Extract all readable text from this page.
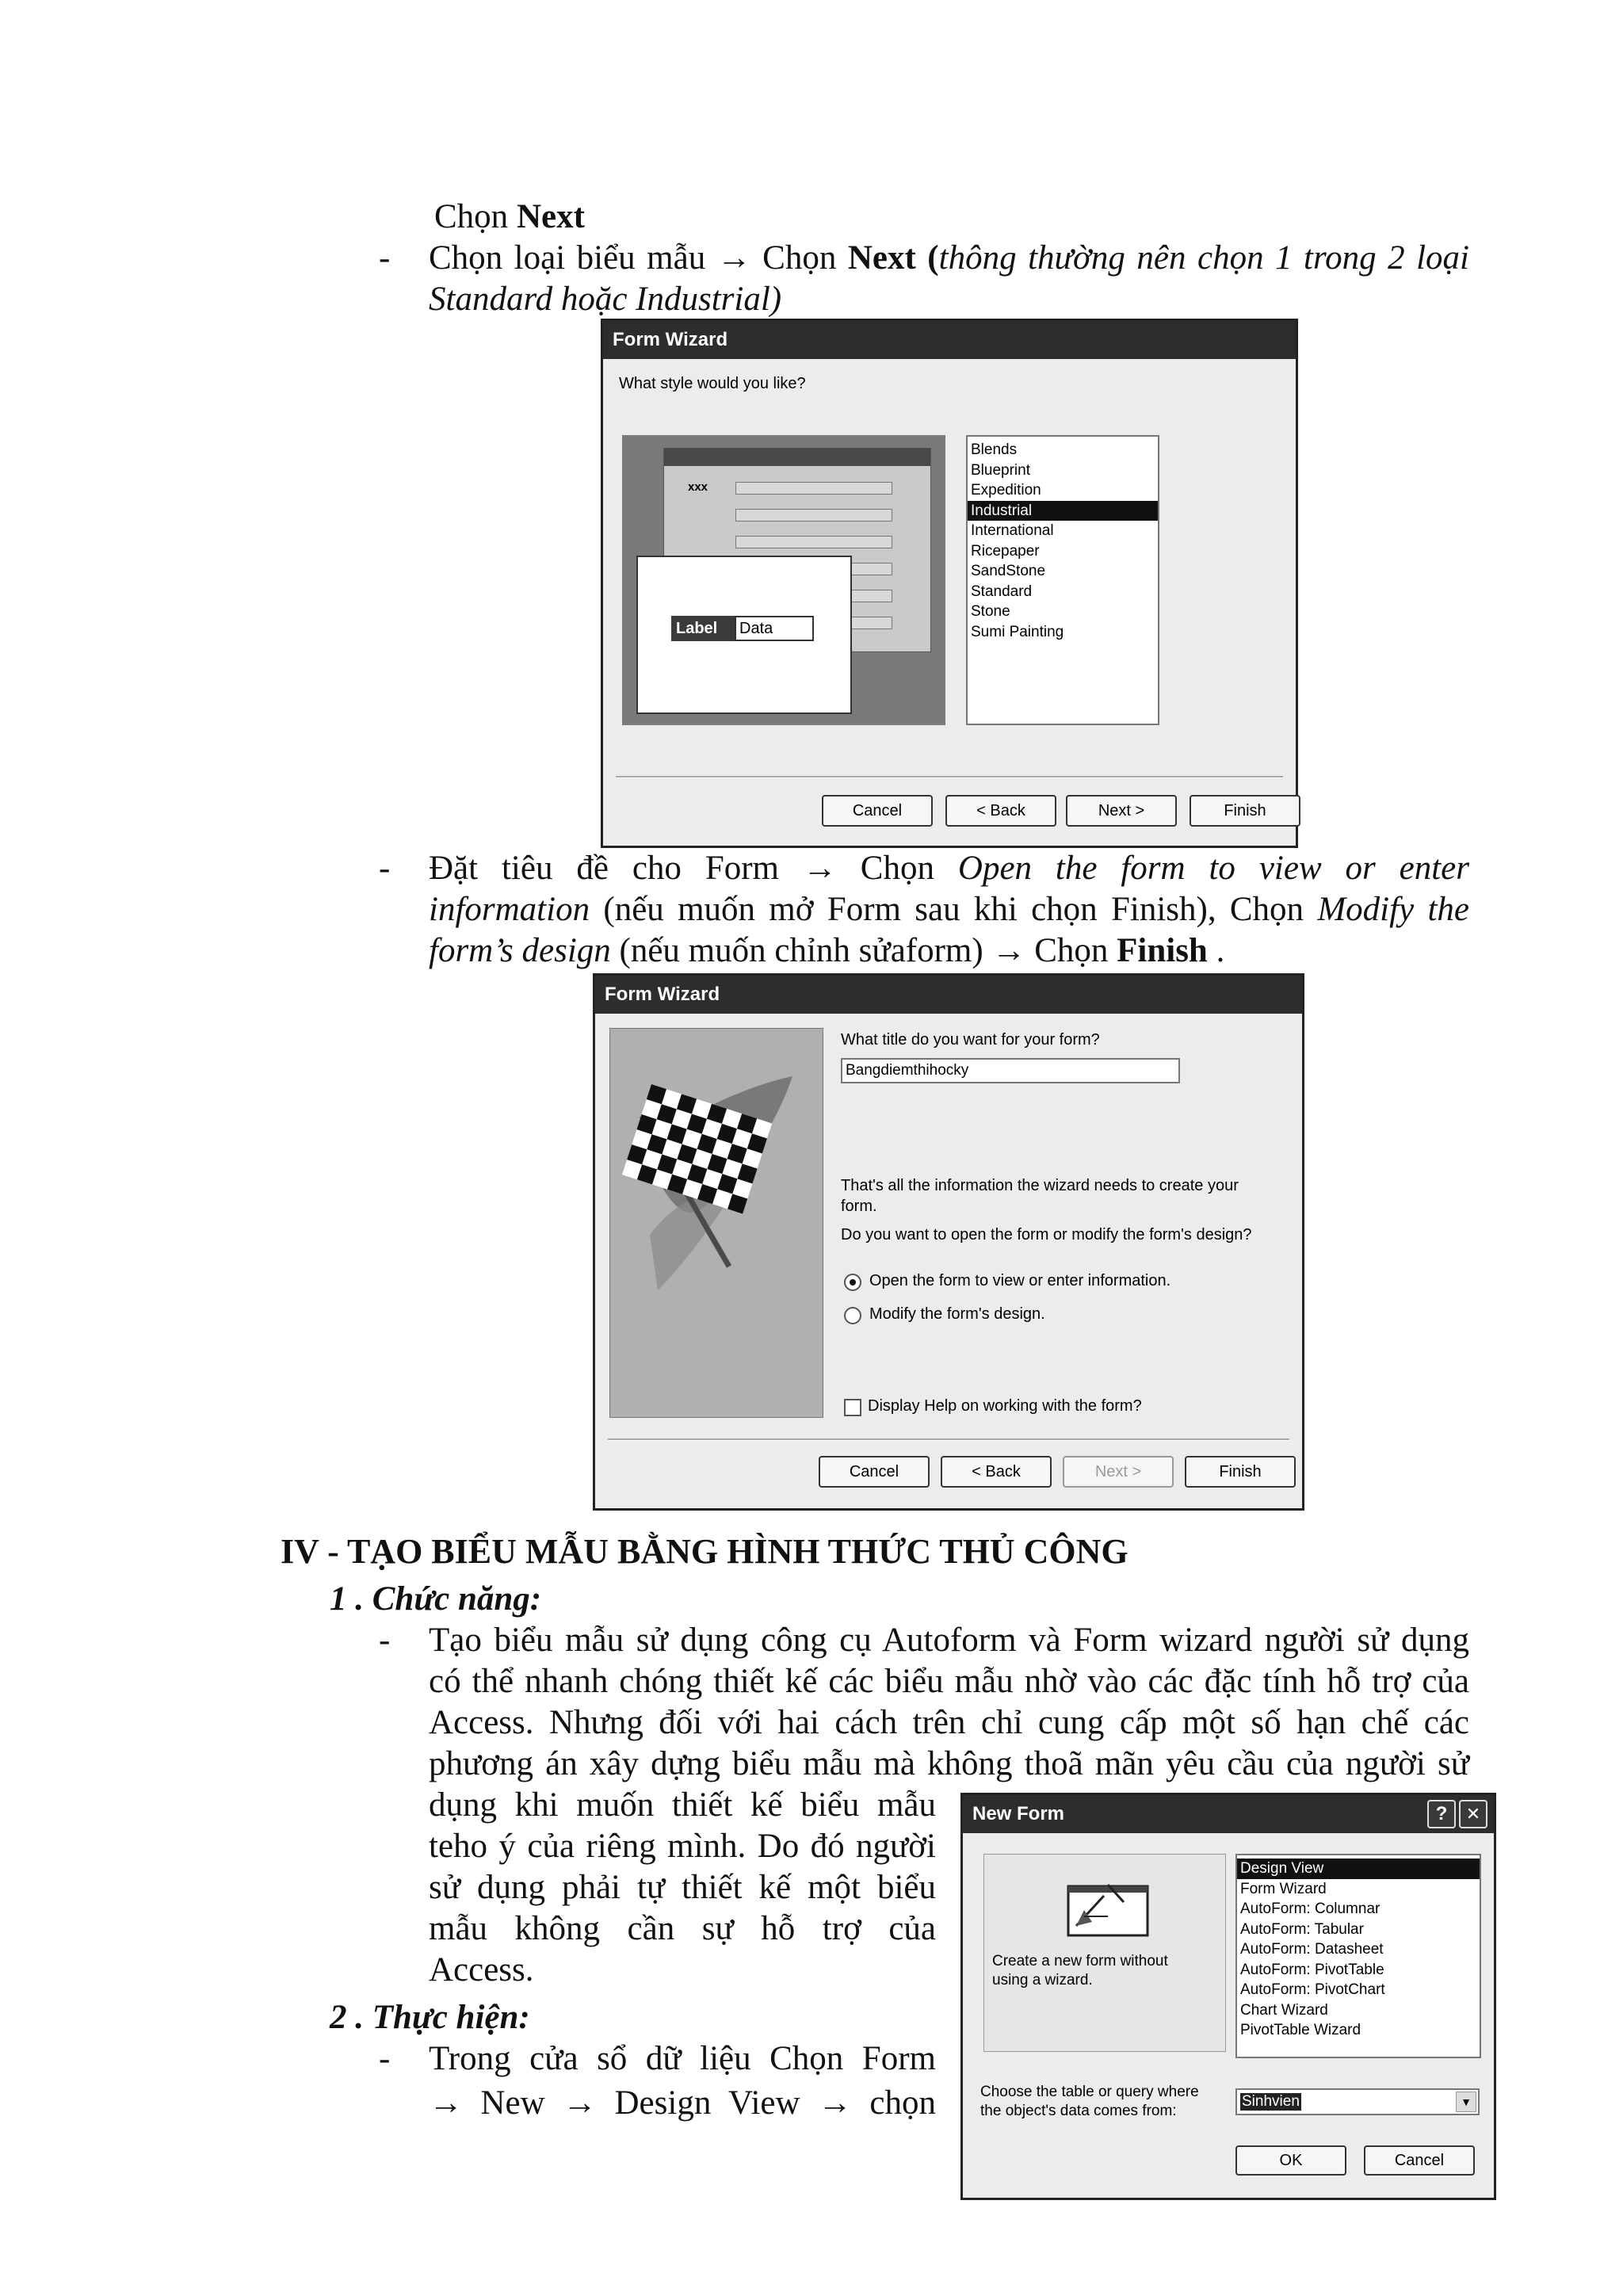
Chọn Next
- Chọn loại biểu mẫu → Chọn Next (thông thường nên chọn 1 trong 2 loại
Standard hoặc Industrial)
Form Wizard
What style would you like?
xxx
Label	Data
Blends
Blueprint
Expedition
Industrial
International
Ricepaper
SandStone
Standard
Stone
Sumi Painting
Cancel	< Back	Next >	Finish
- Đặt tiêu đề cho Form → Chọn Open the form to view or enter
information (nếu muốn mở Form sau khi chọn Finish), Chọn Modify the
form’s design (nếu muốn chỉnh sửaform) → Chọn Finish .
Form Wizard
What title do you want for your form?
Bangdiemthihocky
That's all the information the wizard needs to create your
form.
Do you want to open the form or modify the form's design?
Open the form to view or enter information.
Modify the form's design.
Display Help on working with the form?
Cancel	< Back	Next >	Finish
IV - TẠO BIỂU MẪU BẰNG HÌNH THỨC THỦ CÔNG
1 . Chức năng:
- Tạo biểu mẫu sử dụng công cụ Autoform và Form wizard người sử dụng
có thể nhanh chóng thiết kế các biểu mẫu nhờ vào các đặc tính hỗ trợ của
Access. Nhưng đối với hai cách trên chỉ cung cấp một số hạn chế các
phương án xây dựng biểu mẫu mà không thoã mãn yêu cầu của người sử
dụng khi muốn thiết kế biểu mẫu
teho ý của riêng mình. Do đó người
sử dụng phải tự thiết kế một biểu
mẫu không cần sự hỗ trợ của
Access.
2 . Thực hiện:
- Trong cửa sổ dữ liệu Chọn Form
→ New → Design View → chọn
New Form	?	✕
Create a new form without
using a wizard.
Design View
Form Wizard
AutoForm: Columnar
AutoForm: Tabular
AutoForm: Datasheet
AutoForm: PivotTable
AutoForm: PivotChart
Chart Wizard
PivotTable Wizard
Choose the table or query where
the object's data comes from:
Sinhvien	▼
OK	Cancel
